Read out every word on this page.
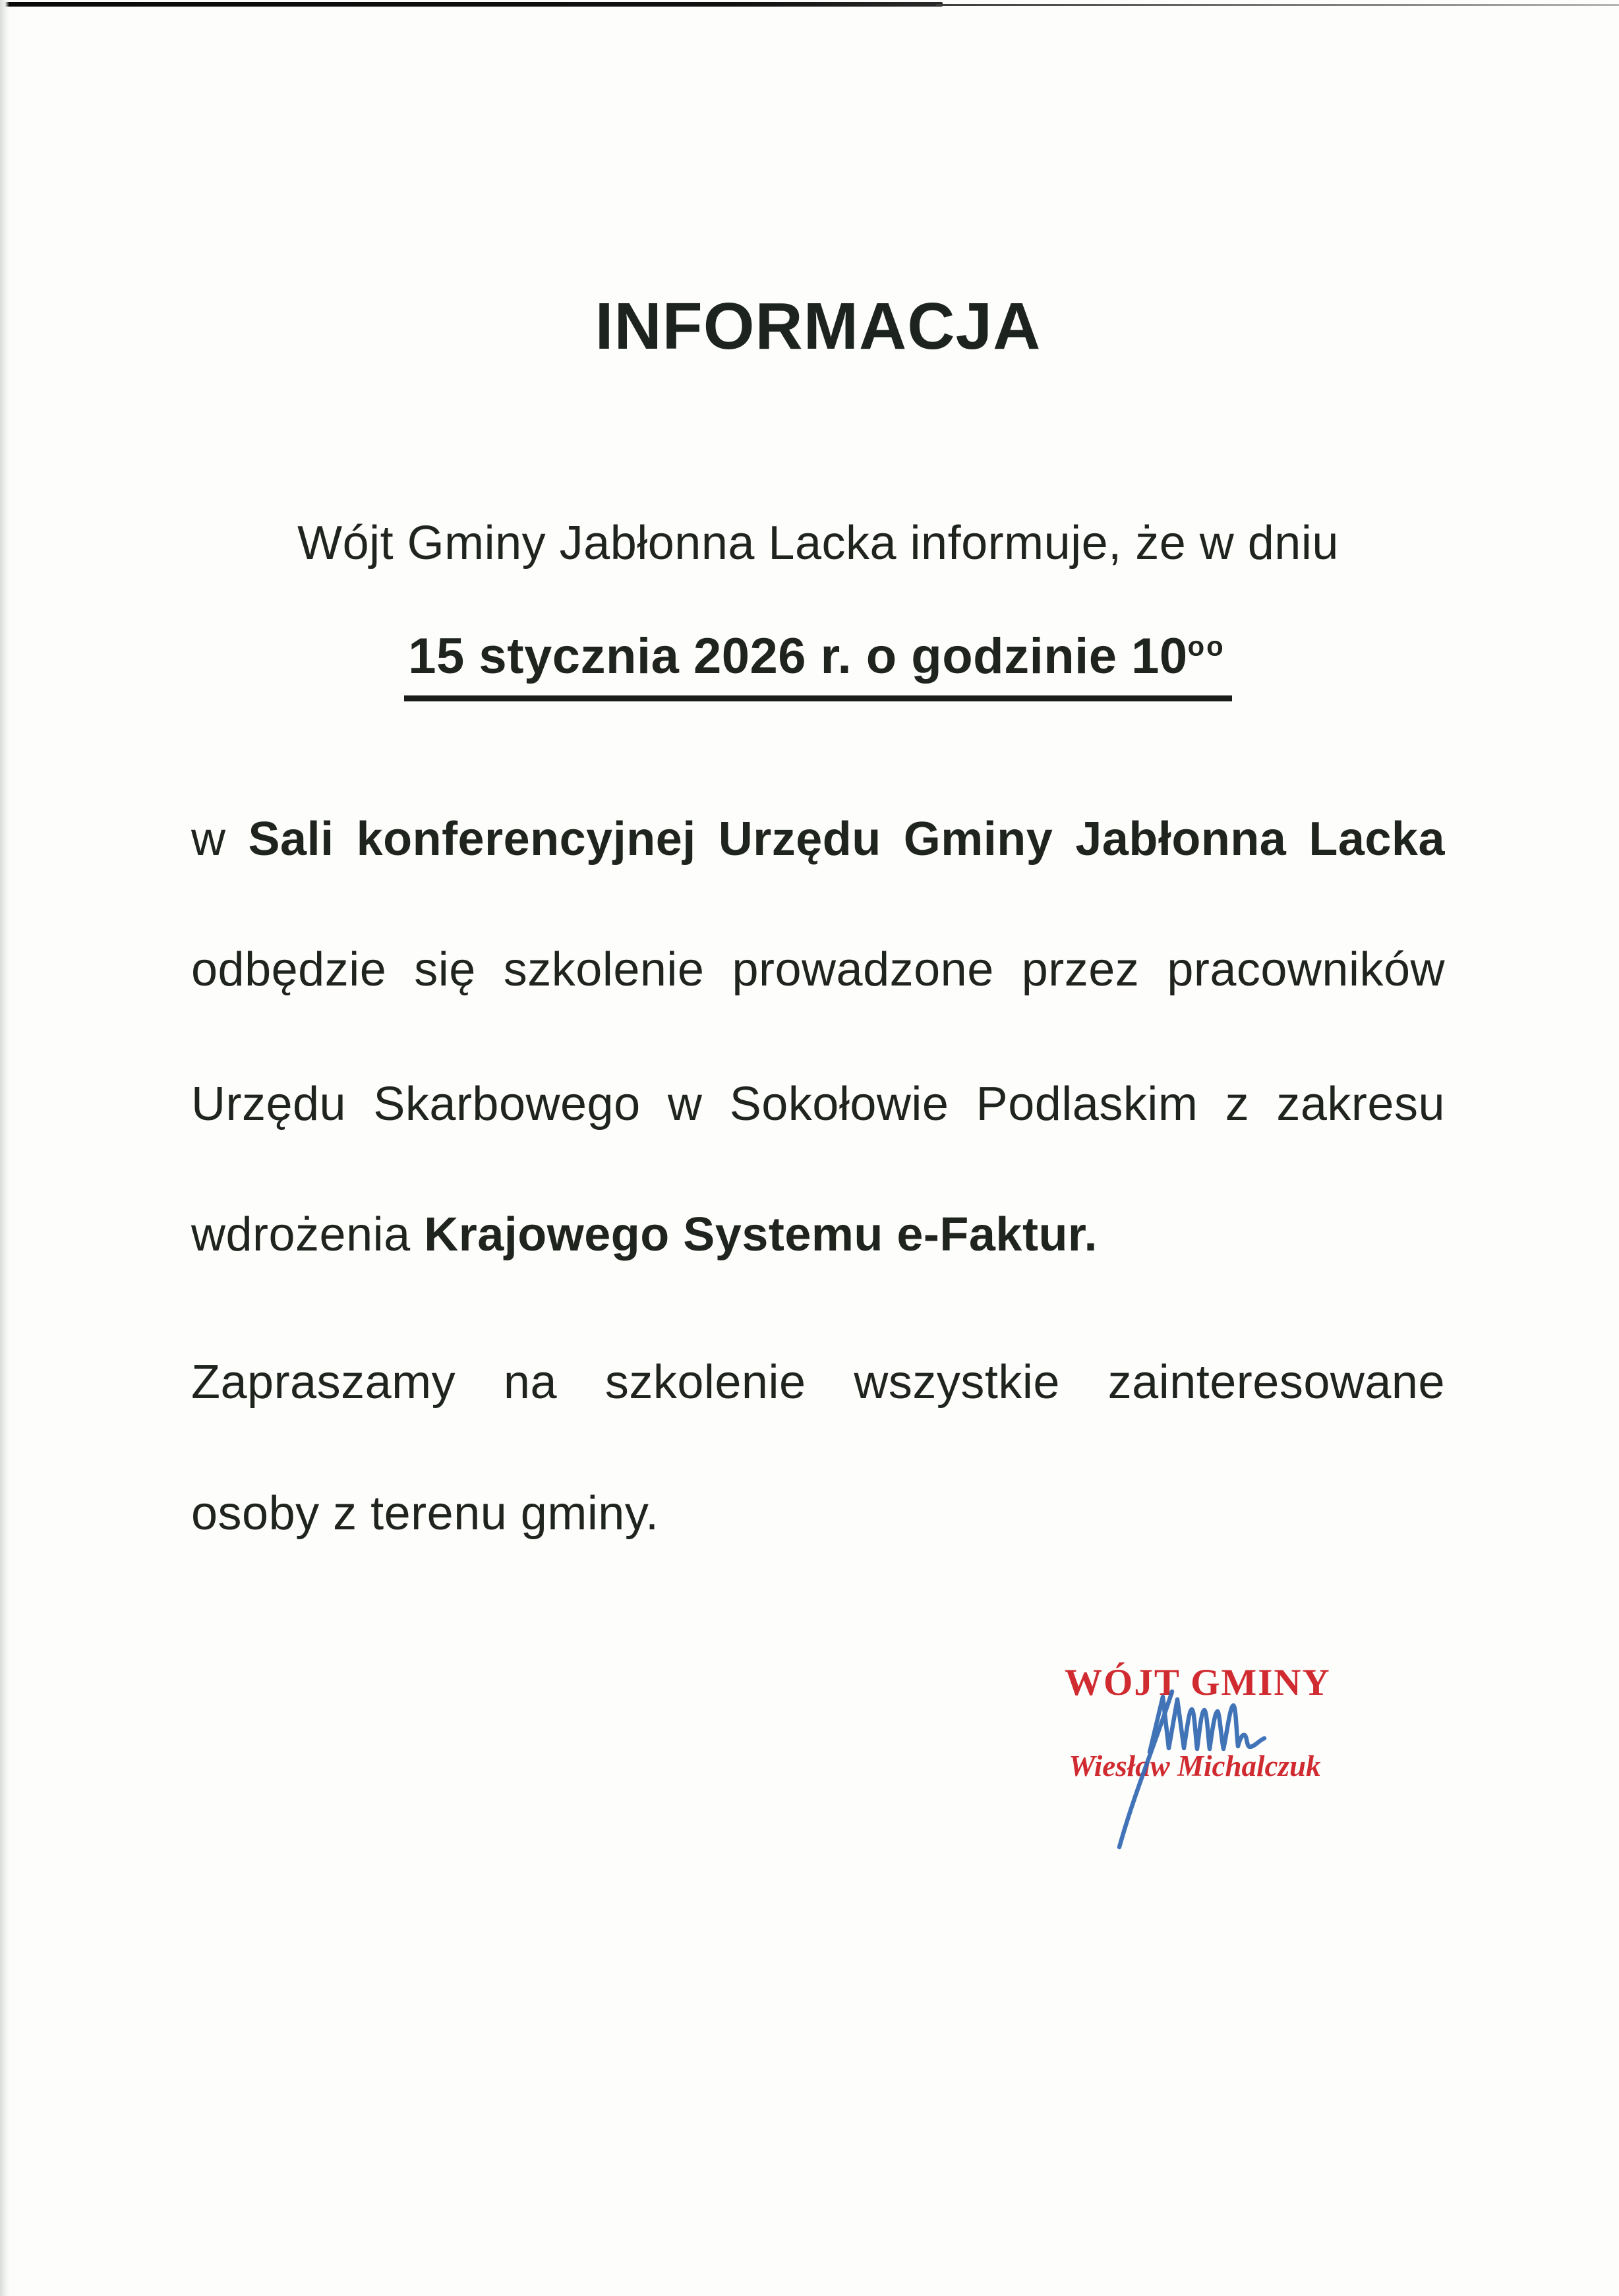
INFORMACJA

Wójt Gminy Jabłonna Lacka informuje, że w dniu

15 stycznia 2026 r. o godzinie $10^{oo}$

w Sali konferencyjnej Urzędu Gminy Jabłonna Lacka

odbędzie się szkolenie prowadzone przez pracowników

Urzędu Skarbowego w Sokołowie Podlaskim z zakresu

wdrożenia Krajowego Systemu e-Faktur.

Zapraszamy na szkolenie wszystkie zainteresowane

osoby z terenu gminy.

WÓJT GMINY
Wiesław Michalczuk
